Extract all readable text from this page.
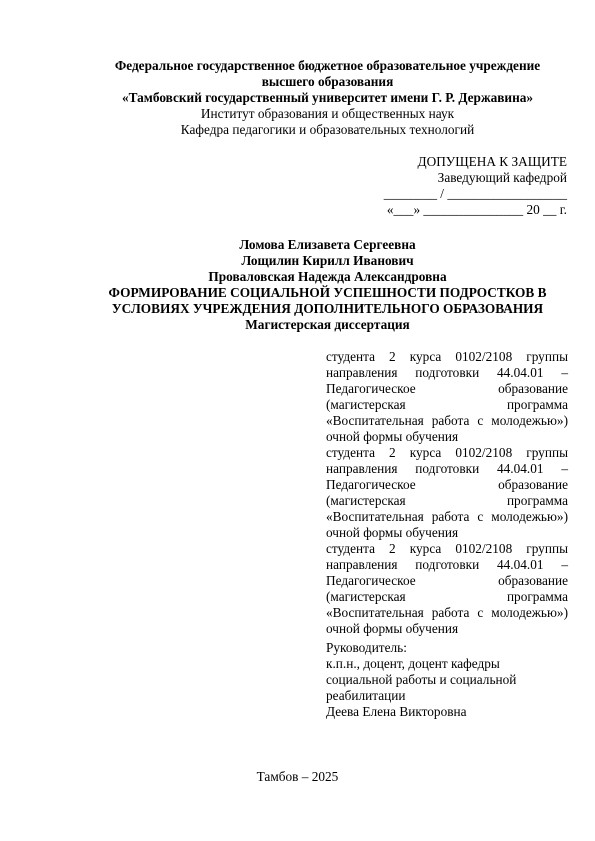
Федеральное государственное бюджетное образовательное учреждение
высшего образования
«Тамбовский государственный университет имени Г. Р. Державина»
Институт образования и общественных наук
Кафедра педагогики и образовательных технологий
ДОПУЩЕНА К ЗАЩИТЕ
Заведующий кафедрой
________ / __________________
«___» _______________ 20 __ г.
Ломова Елизавета Сергеевна
Лощилин Кирилл Иванович
Проваловская Надежда Александровна
ФОРМИРОВАНИЕ СОЦИАЛЬНОЙ УСПЕШНОСТИ ПОДРОСТКОВ В
УСЛОВИЯХ УЧРЕЖДЕНИЯ ДОПОЛНИТЕЛЬНОГО ОБРАЗОВАНИЯ
Магистерская диссертация

студента 2 курса 0102/2108 группы

направления подготовки 44.04.01 –

Педагогическое образование

(магистерская программа

«Воспитательная работа с молодежью»)

очной формы обучения

студента 2 курса 0102/2108 группы

направления подготовки 44.04.01 –

Педагогическое образование

(магистерская программа

«Воспитательная работа с молодежью»)

очной формы обучения

студента 2 курса 0102/2108 группы

направления подготовки 44.04.01 –

Педагогическое образование

(магистерская программа

«Воспитательная работа с молодежью»)

очной формы обучения

Руководитель:
к.п.н., доцент, доцент кафедры
социальной работы и социальной
реабилитации
Деева Елена Викторовна
Тамбов – 2025
